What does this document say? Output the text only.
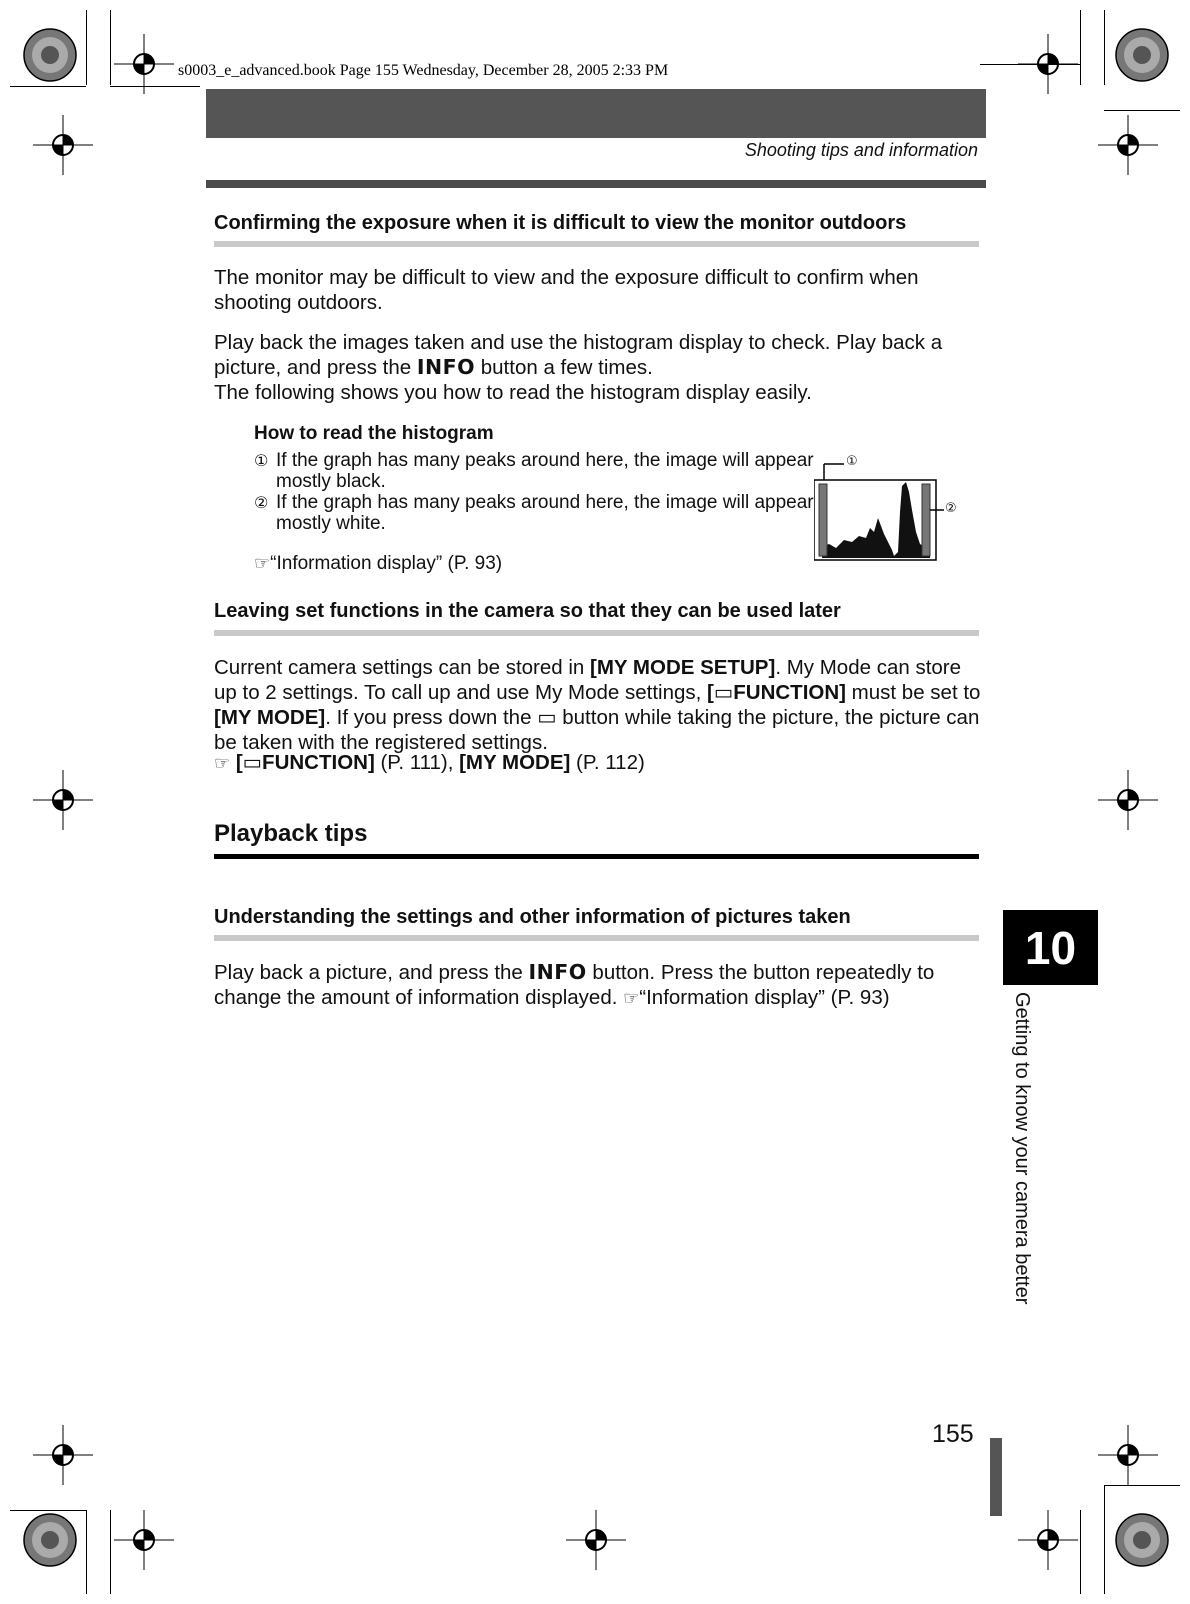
s0003_e_advanced.book Page 155 Wednesday, December 28, 2005 2:33 PM
Shooting tips and information
Confirming the exposure when it is difficult to view the monitor outdoors
The monitor may be difficult to view and the exposure difficult to confirm when shooting outdoors.
Play back the images taken and use the histogram display to check. Play back a picture, and press the INFO button a few times.
The following shows you how to read the histogram display easily.
How to read the histogram
① If the graph has many peaks around here, the image will appear mostly black.
② If the graph has many peaks around here, the image will appear mostly white.
☞“Information display” (P. 93)
①
②
Leaving set functions in the camera so that they can be used later
Current camera settings can be stored in [MY MODE SETUP]. My Mode can store up to 2 settings. To call up and use My Mode settings, [▭FUNCTION] must be set to [MY MODE]. If you press down the ▭ button while taking the picture, the picture can be taken with the registered settings.
☞ [▭FUNCTION] (P. 111), [MY MODE] (P. 112)
Playback tips
Understanding the settings and other information of pictures taken
Play back a picture, and press the INFO button. Press the button repeatedly to change the amount of information displayed. ☞“Information display” (P. 93)
10
Getting to know your camera better
155
